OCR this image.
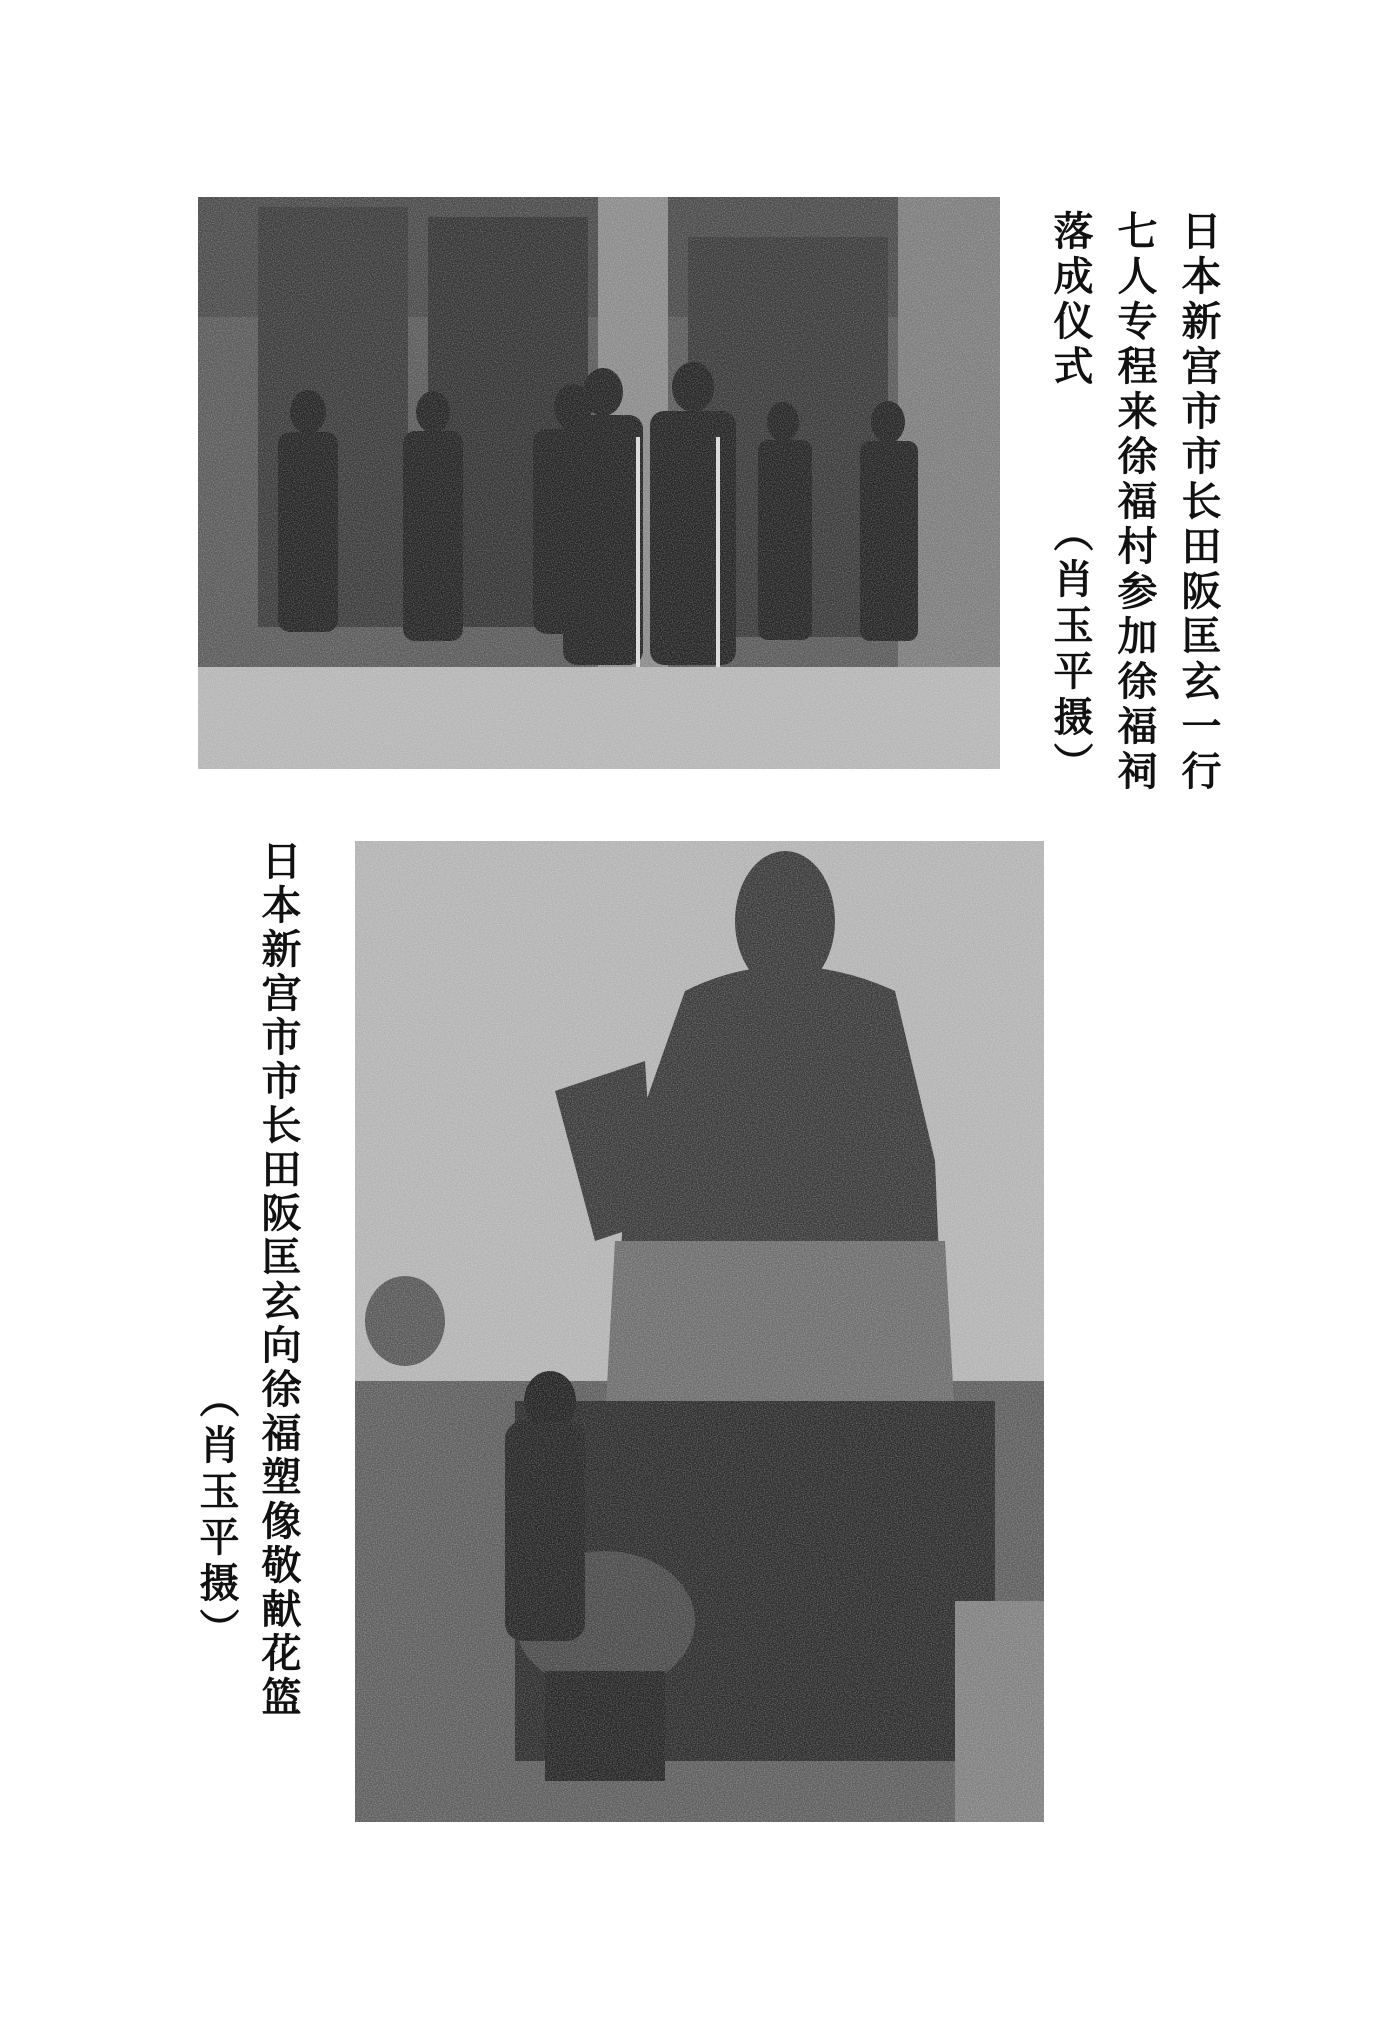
日本新宫市市长田阪匡玄一行
七人专程来徐福村参加徐福祠
落成仪式
（肖玉平摄）
日本新宫市市长田阪匡玄向徐福塑像敬献花篮
（肖玉平摄）
